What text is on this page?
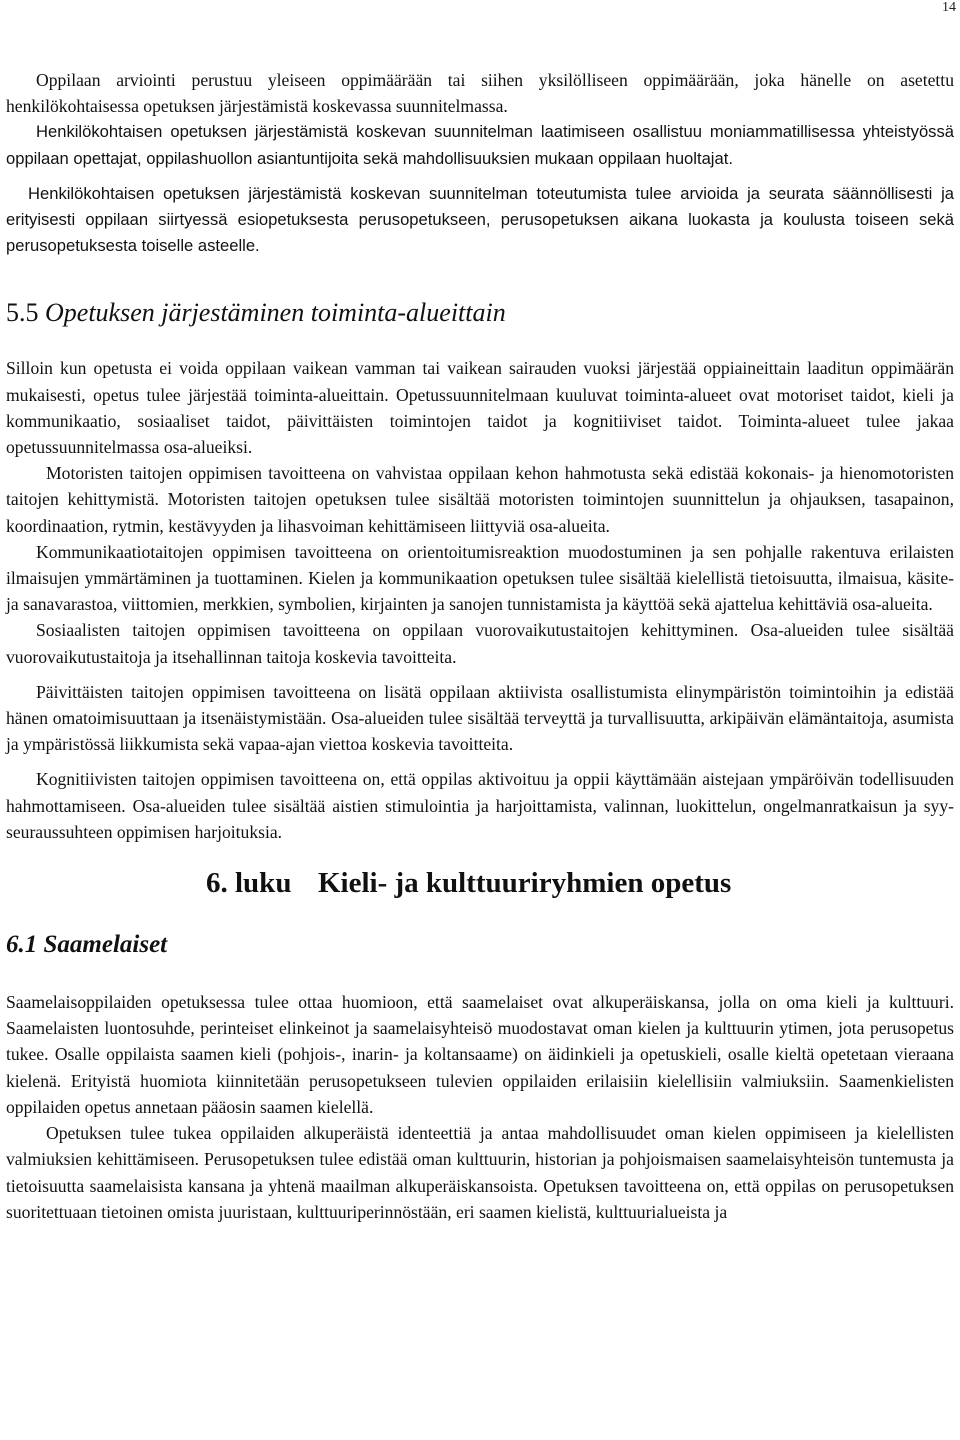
14

Oppilaan arviointi perustuu yleiseen oppimäärään tai siihen yksilölliseen oppimäärään, joka hänelle on asetettu henkilökohtaisessa opetuksen järjestämistä koskevassa suunnitelmassa.

Henkilökohtaisen opetuksen järjestämistä koskevan suunnitelman laatimiseen osallistuu moniammatillisessa yhteistyössä oppilaan opettajat, oppilashuollon asiantuntijoita sekä mahdollisuuksien mukaan oppilaan huoltajat.

Henkilökohtaisen opetuksen järjestämistä koskevan suunnitelman toteutumista tulee arvioida ja seurata säännöllisesti ja erityisesti oppilaan siirtyessä esiopetuksesta perusopetukseen, perusopetuksen aikana luokasta ja koulusta toiseen sekä perusopetuksesta toiselle asteelle.

5.5 Opetuksen järjestäminen toiminta-alueittain

Silloin kun opetusta ei voida oppilaan vaikean vamman tai vaikean sairauden vuoksi järjestää oppiaineittain laaditun oppimäärän mukaisesti, opetus tulee järjestää toiminta-alueittain. Opetussuunnitelmaan kuuluvat toiminta-alueet ovat motoriset taidot, kieli ja kommunikaatio, sosiaaliset taidot, päivittäisten toimintojen taidot ja kognitiiviset taidot. Toiminta-alueet tulee jakaa opetussuunnitelmassa osa-alueiksi.

Motoristen taitojen oppimisen tavoitteena on vahvistaa oppilaan kehon hahmotusta sekä edistää kokonais- ja hienomotoristen taitojen kehittymistä. Motoristen taitojen opetuksen tulee sisältää motoristen toimintojen suunnittelun ja ohjauksen, tasapainon, koordinaation, rytmin, kestävyyden ja lihasvoiman kehittämiseen liittyviä osa-alueita.

Kommunikaatiotaitojen oppimisen tavoitteena on orientoitumisreaktion muodostuminen ja sen pohjalle rakentuva erilaisten ilmaisujen ymmärtäminen ja tuottaminen. Kielen ja kommunikaation opetuksen tulee sisältää kielellistä tietoisuutta, ilmaisua, käsite- ja sanavarastoa, viittomien, merkkien, symbolien, kirjainten ja sanojen tunnistamista ja käyttöä sekä ajattelua kehittäviä osa-alueita.

Sosiaalisten taitojen oppimisen tavoitteena on oppilaan vuorovaikutustaitojen kehittyminen. Osa-alueiden tulee sisältää vuorovaikutustaitoja ja itsehallinnan taitoja koskevia tavoitteita.

Päivittäisten taitojen oppimisen tavoitteena on lisätä oppilaan aktiivista osallistumista elinympäristön toimintoihin ja edistää hänen omatoimisuuttaan ja itsenäistymistään. Osa-alueiden tulee sisältää terveyttä ja turvallisuutta, arkipäivän elämäntaitoja, asumista ja ympäristössä liikkumista sekä vapaa-ajan viettoa koskevia tavoitteita.

Kognitiivisten taitojen oppimisen tavoitteena on, että oppilas aktivoituu ja oppii käyttämään aistejaan ympäröivän todellisuuden hahmottamiseen. Osa-alueiden tulee sisältää aistien stimulointia ja harjoittamista, valinnan, luokittelun, ongelmanratkaisun ja syy-seuraussuhteen oppimisen harjoituksia.

6. luku Kieli- ja kulttuuriryhmien opetus
6.1 Saamelaiset

Saamelaisoppilaiden opetuksessa tulee ottaa huomioon, että saamelaiset ovat alkuperäiskansa, jolla on oma kieli ja kulttuuri. Saamelaisten luontosuhde, perinteiset elinkeinot ja saamelaisyhteisö muodostavat oman kielen ja kulttuurin ytimen, jota perusopetus tukee. Osalle oppilaista saamen kieli (pohjois-, inarin- ja koltansaame) on äidinkieli ja opetuskieli, osalle kieltä opetetaan vieraana kielenä. Erityistä huomiota kiinnitetään perusopetukseen tulevien oppilaiden erilaisiin kielellisiin valmiuksiin. Saamenkielisten oppilaiden opetus annetaan pääosin saamen kielellä.

Opetuksen tulee tukea oppilaiden alkuperäistä identeettiä ja antaa mahdollisuudet oman kielen oppimiseen ja kielellisten valmiuksien kehittämiseen. Perusopetuksen tulee edistää oman kulttuurin, historian ja pohjoismaisen saamelaisyhteisön tuntemusta ja tietoisuutta saamelaisista kansana ja yhtenä maailman alkuperäiskansoista. Opetuksen tavoitteena on, että oppilas on perusopetuksen suoritettuaan tietoinen omista juuristaan, kulttuuriperinnöstään, eri saamen kielistä, kulttuurialueista ja
